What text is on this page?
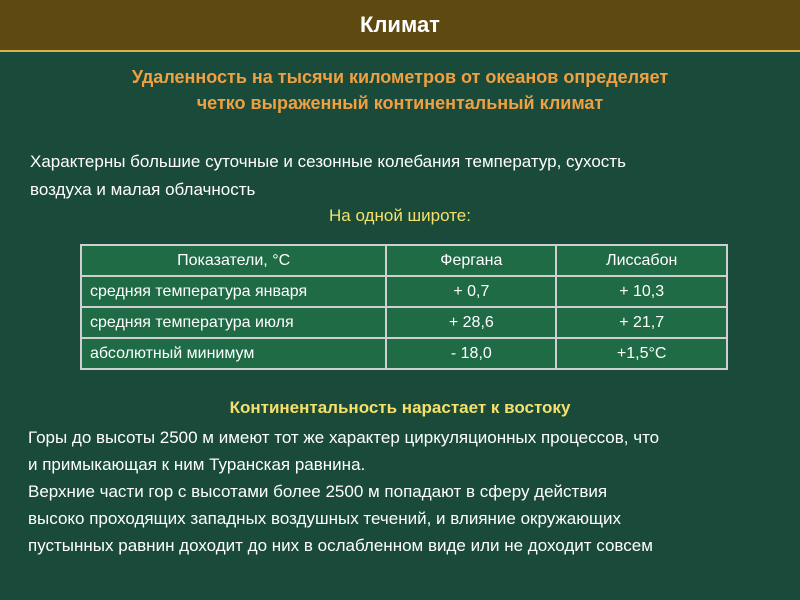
Климат
Удаленность на тысячи километров от океанов определяет
четко выраженный континентальный климат
Характерны большие суточные и сезонные колебания температур, сухость
воздуха и малая облачность
На одной широте:
Показатели, °С	Фергана	Лиссабон
средняя температура января	+ 0,7	+ 10,3
средняя температура июля	+ 28,6	+ 21,7
абсолютный минимум	- 18,0	+1,5°С
Континентальность нарастает к востоку
Горы до высоты 2500 м имеют тот же характер циркуляционных процессов, что
и примыкающая к ним Туранская равнина.
Верхние части гор с высотами более 2500 м попадают в сферу действия
высоко проходящих западных воздушных течений, и влияние окружающих
пустынных равнин доходит до них в ослабленном виде или не доходит совсем
